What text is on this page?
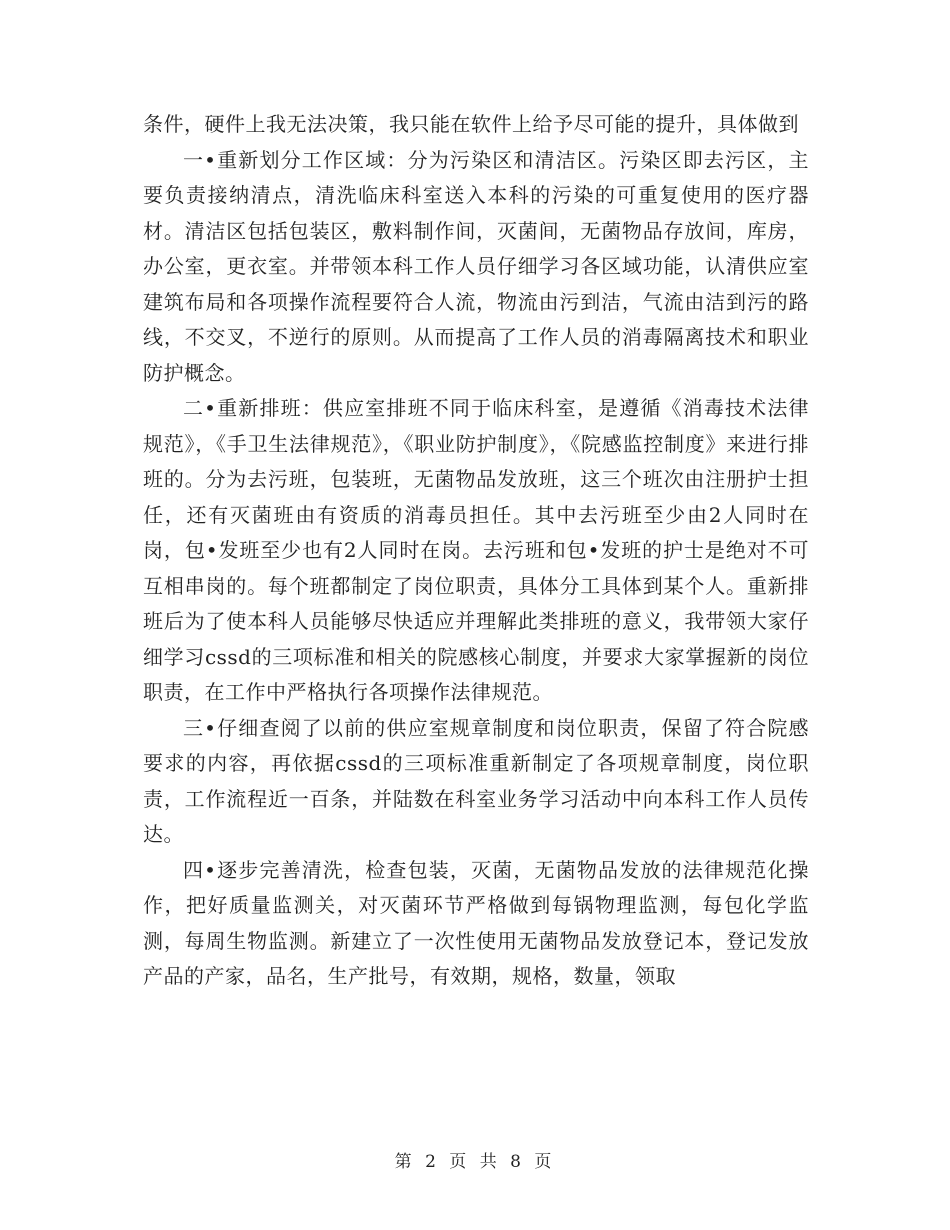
条件，硬件上我无法决策，我只能在软件上给予尽可能的提升，具体做到

一•重新划分工作区域：分为污染区和清洁区。污染区即去污区，主要负责接纳清点，清洗临床科室送入本科的污染的可重复使用的医疗器材。清洁区包括包装区，敷料制作间，灭菌间，无菌物品存放间，库房，办公室，更衣室。并带领本科工作人员仔细学习各区域功能，认清供应室建筑布局和各项操作流程要符合人流，物流由污到洁，气流由洁到污的路线，不交叉，不逆行的原则。从而提高了工作人员的消毒隔离技术和职业防护概念。

二•重新排班：供应室排班不同于临床科室，是遵循《消毒技术法律规范》，《手卫生法律规范》，《职业防护制度》，《院感监控制度》来进行排班的。分为去污班，包装班，无菌物品发放班，这三个班次由注册护士担任，还有灭菌班由有资质的消毒员担任。其中去污班至少由2人同时在岗，包•发班至少也有2人同时在岗。去污班和包•发班的护士是绝对不可互相串岗的。每个班都制定了岗位职责，具体分工具体到某个人。重新排班后为了使本科人员能够尽快适应并理解此类排班的意义，我带领大家仔细学习cssd的三项标准和相关的院感核心制度，并要求大家掌握新的岗位职责，在工作中严格执行各项操作法律规范。

三•仔细查阅了以前的供应室规章制度和岗位职责，保留了符合院感要求的内容，再依据cssd的三项标准重新制定了各项规章制度，岗位职责，工作流程近一百条，并陆数在科室业务学习活动中向本科工作人员传达。

四•逐步完善清洗，检查包装，灭菌，无菌物品发放的法律规范化操作，把好质量监测关，对灭菌环节严格做到每锅物理监测，每包化学监测，每周生物监测。新建立了一次性使用无菌物品发放登记本，登记发放产品的产家，品名，生产批号，有效期，规格，数量，领取

第 2 页 共 8 页
